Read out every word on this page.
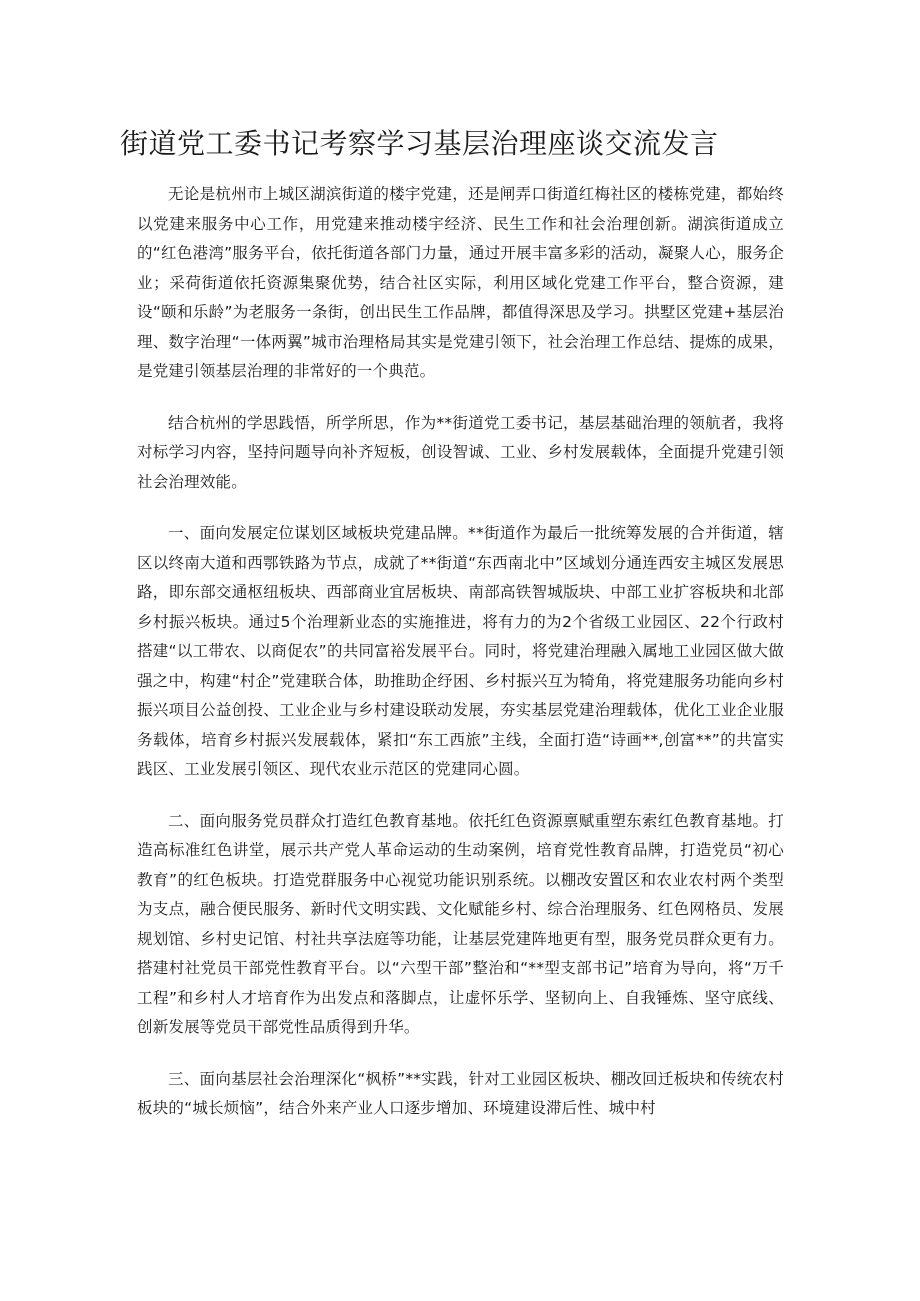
街道党工委书记考察学习基层治理座谈交流发言

无论是杭州市上城区湖滨街道的楼宇党建，还是闸弄口街道红梅社区的楼栋党建，都始终以党建来服务中心工作，用党建来推动楼宇经济、民生工作和社会治理创新。湖滨街道成立的“红色港湾”服务平台，依托街道各部门力量，通过开展丰富多彩的活动，凝聚人心，服务企业；采荷街道依托资源集聚优势，结合社区实际，利用区域化党建工作平台，整合资源，建设“颐和乐龄”为老服务一条街，创出民生工作品牌，都值得深思及学习。拱墅区党建+基层治理、数字治理“一体两翼”城市治理格局其实是党建引领下，社会治理工作总结、提炼的成果，是党建引领基层治理的非常好的一个典范。

结合杭州的学思践悟，所学所思，作为**街道党工委书记，基层基础治理的领航者，我将对标学习内容，坚持问题导向补齐短板，创设智诚、工业、乡村发展载体，全面提升党建引领社会治理效能。

一、面向发展定位谋划区域板块党建品牌。**街道作为最后一批统筹发展的合并街道，辖区以终南大道和西鄂铁路为节点，成就了**街道“东西南北中”区域划分通连西安主城区发展思路，即东部交通枢纽板块、西部商业宜居板块、南部高铁智城版块、中部工业扩容板块和北部乡村振兴板块。通过5个治理新业态的实施推进，将有力的为2个省级工业园区、22个行政村搭建“以工带农、以商促农”的共同富裕发展平台。同时，将党建治理融入属地工业园区做大做强之中，构建“村企”党建联合体，助推助企纾困、乡村振兴互为犄角，将党建服务功能向乡村振兴项目公益创投、工业企业与乡村建设联动发展，夯实基层党建治理载体，优化工业企业服务载体，培育乡村振兴发展载体，紧扣“东工西旅”主线，全面打造“诗画**,创富**”的共富实践区、工业发展引领区、现代农业示范区的党建同心圆。

二、面向服务党员群众打造红色教育基地。依托红色资源禀赋重塑东索红色教育基地。打造高标准红色讲堂，展示共产党人革命运动的生动案例，培育党性教育品牌，打造党员“初心教育”的红色板块。打造党群服务中心视觉功能识别系统。以棚改安置区和农业农村两个类型为支点，融合便民服务、新时代文明实践、文化赋能乡村、综合治理服务、红色网格员、发展规划馆、乡村史记馆、村社共享法庭等功能，让基层党建阵地更有型，服务党员群众更有力。搭建村社党员干部党性教育平台。以“六型干部”整治和“**型支部书记”培育为导向，将“万千工程”和乡村人才培育作为出发点和落脚点，让虚怀乐学、坚韧向上、自我锤炼、坚守底线、创新发展等党员干部党性品质得到升华。

三、面向基层社会治理深化“枫桥”**实践，针对工业园区板块、棚改回迁板块和传统农村板块的“城长烦恼”，结合外来产业人口逐步增加、环境建设滞后性、城中村
